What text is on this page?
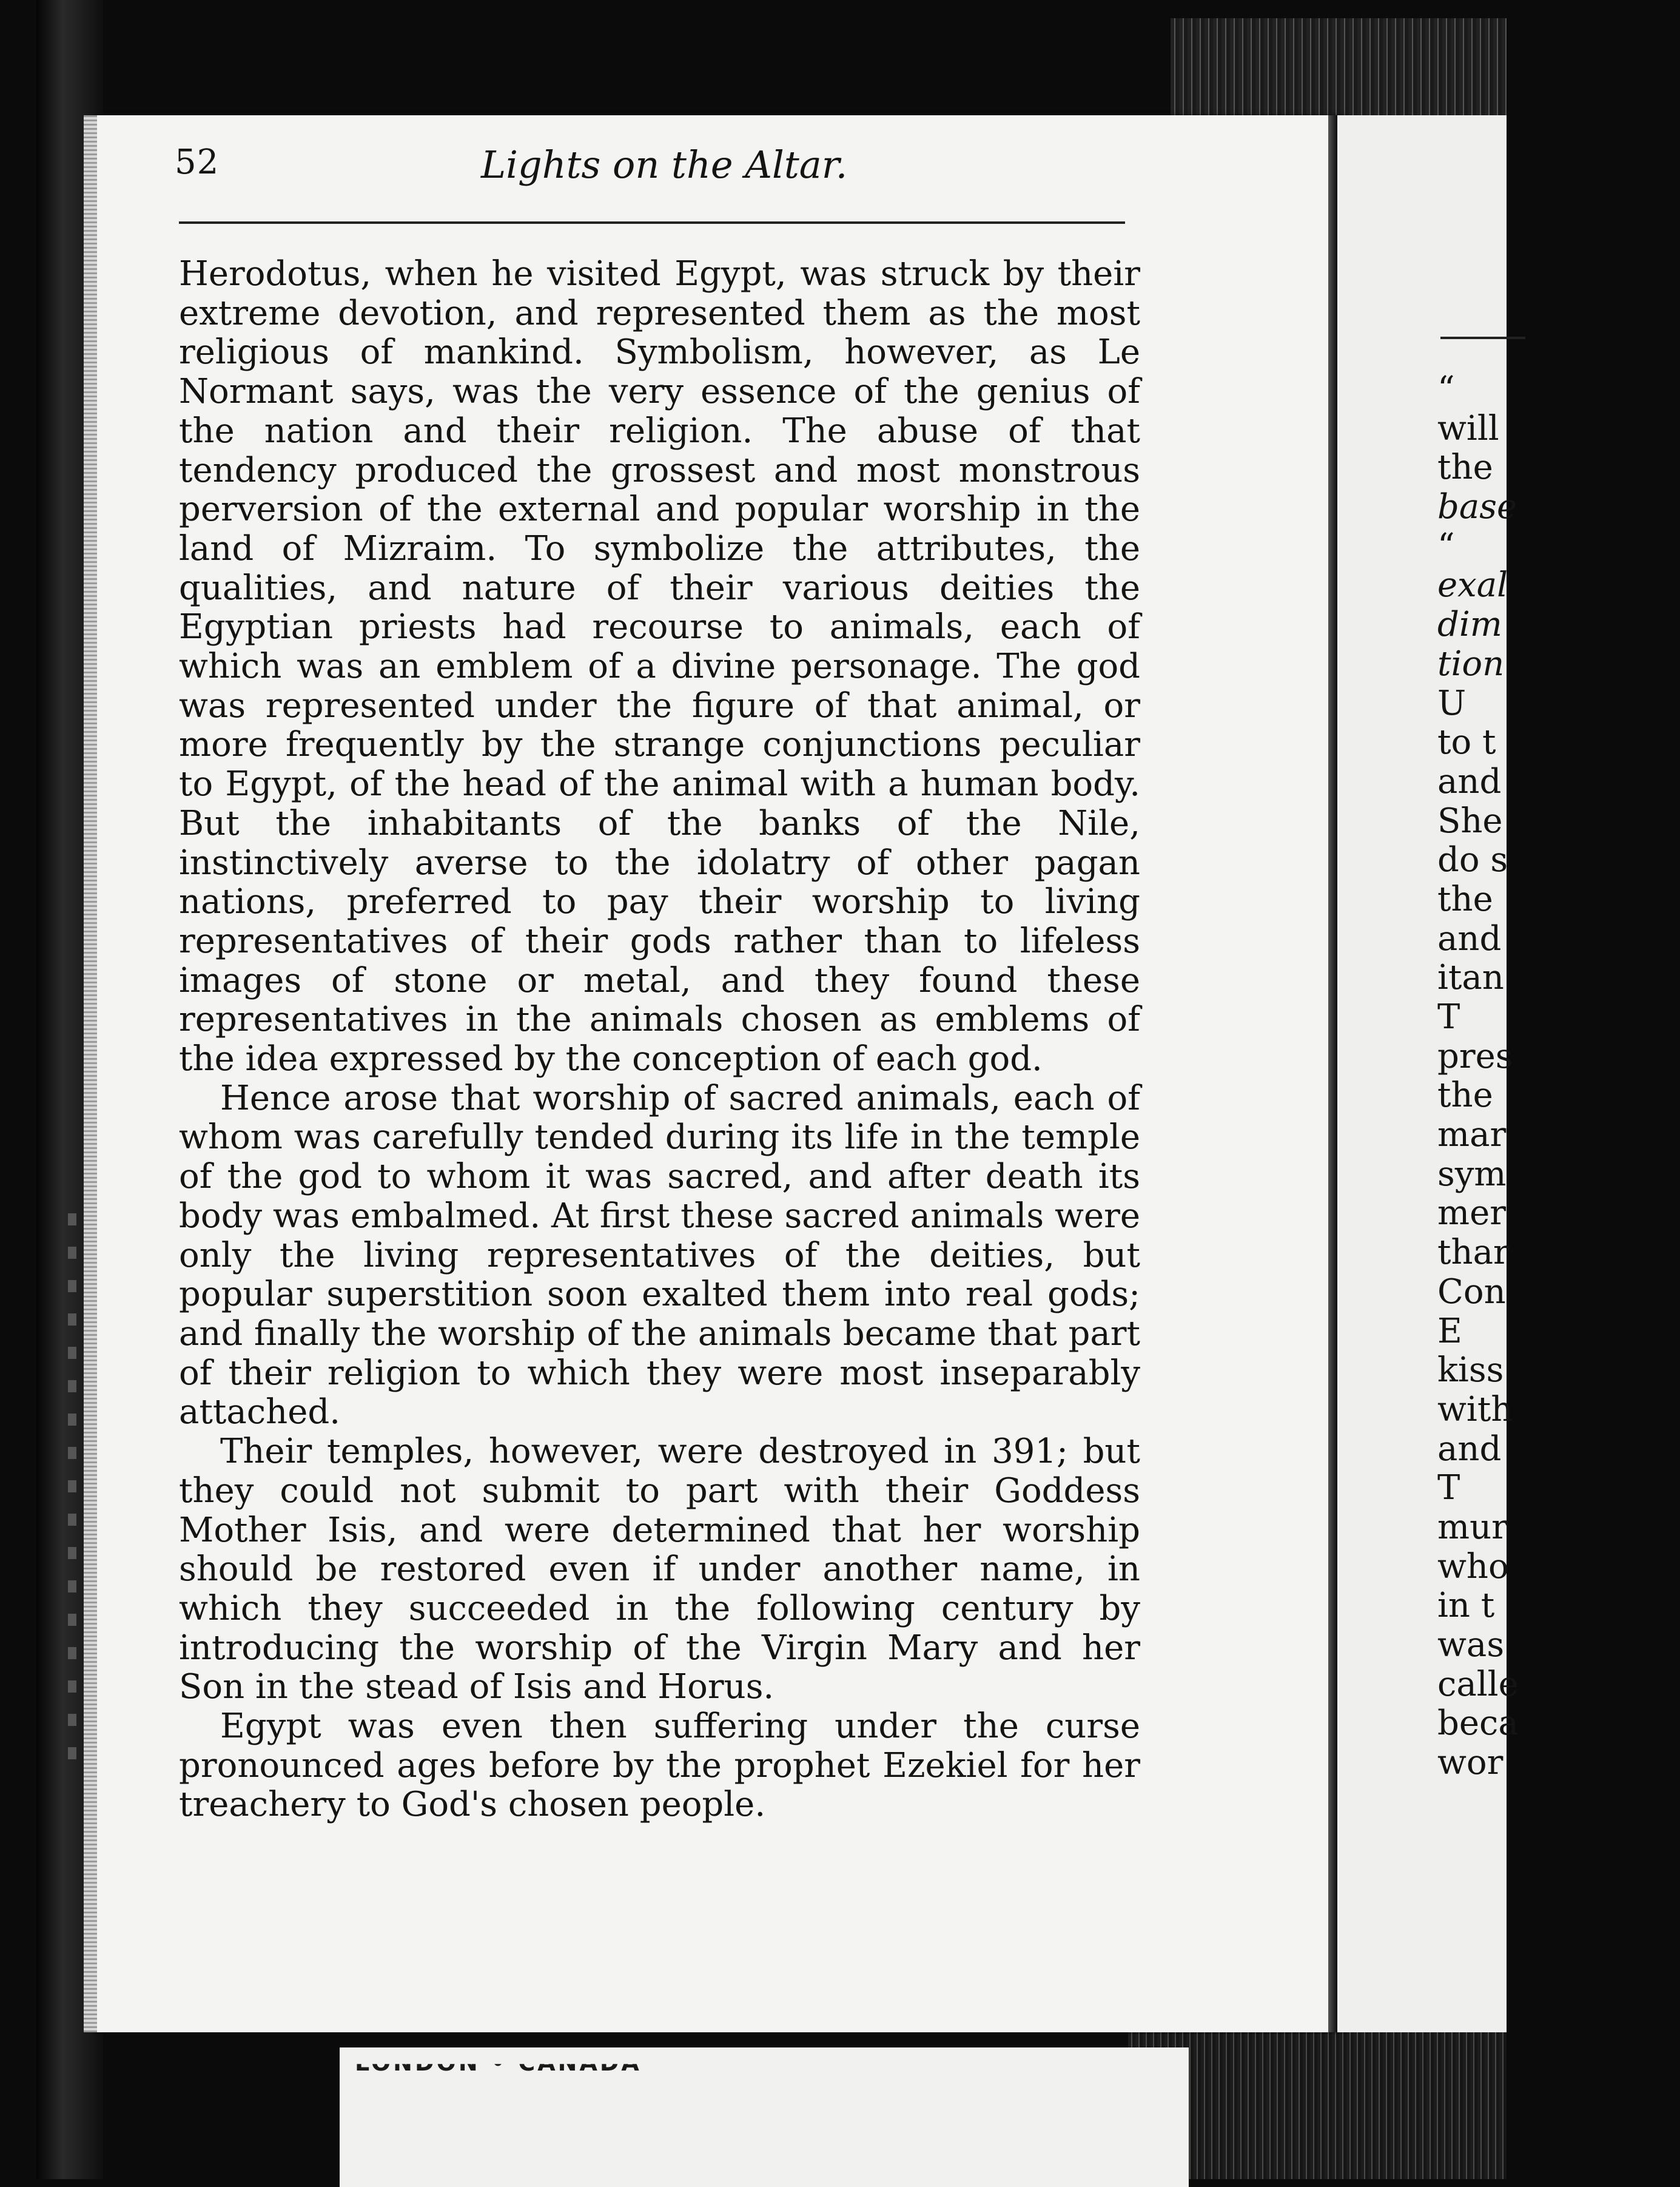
52	Lights on the Altar.

Herodotus, when he visited Egypt, was struck by their extreme devotion, and represented them as the most religious of mankind. Symbolism, however, as Le Normant says, was the very essence of the genius of the nation and their religion. The abuse of that tendency produced the grossest and most monstrous perversion of the external and popular worship in the land of Mizraim. To symbolize the attributes, the qualities, and nature of their various deities the Egyptian priests had recourse to animals, each of which was an emblem of a divine personage. The god was represented under the figure of that animal, or more frequently by the strange conjunctions peculiar to Egypt, of the head of the animal with a human body. But the inhabitants of the banks of the Nile, instinctively averse to the idolatry of other pagan nations, preferred to pay their worship to living representatives of their gods rather than to lifeless images of stone or metal, and they found these representatives in the animals chosen as emblems of the idea expressed by the conception of each god.

Hence arose that worship of sacred animals, each of whom was carefully tended during its life in the temple of the god to whom it was sacred, and after death its body was embalmed. At first these sacred animals were only the living representatives of the deities, but popular superstition soon exalted them into real gods; and finally the worship of the animals became that part of their religion to which they were most inseparably attached.

Their temples, however, were destroyed in 391; but they could not submit to part with their Goddess Mother Isis, and were determined that her worship should be restored even if under another name, in which they succeeded in the following century by introducing the worship of the Virgin Mary and her Son in the stead of Isis and Horus.

Egypt was even then suffering under the curse pronounced ages before by the prophet Ezekiel for her treachery to God's chosen people.

“
will
the
base
“
exal
dim
tion
U
to t
and
She
do s
the
and
itan
T
pres
the
mar
sym
mer
thar
Con
E
kiss
with
and
T
mur
who
in t
was
calle
beca
wor
